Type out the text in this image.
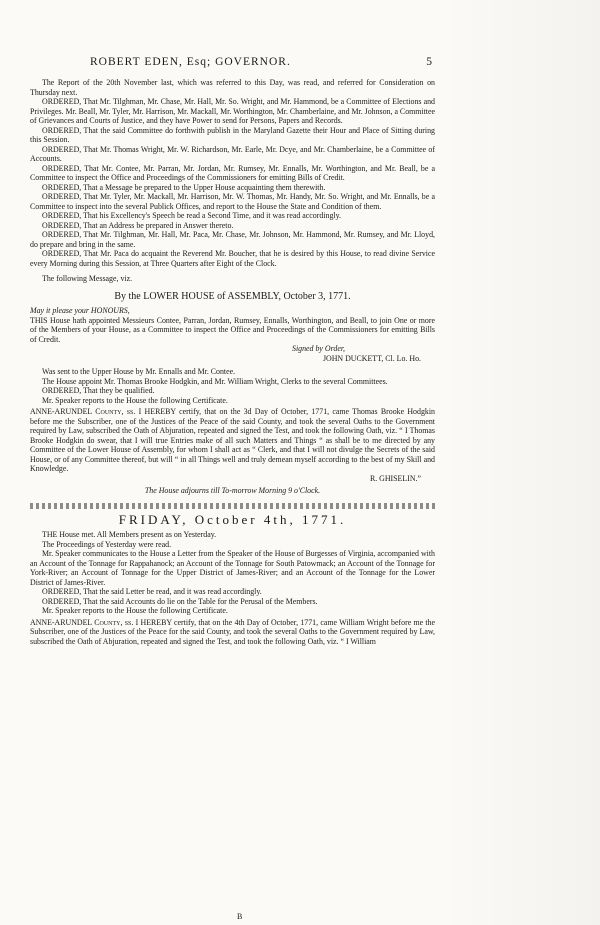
ROBERT EDEN, Esq; GOVERNOR.	5

The Report of the 20th November last, which was referred to this Day, was read, and referred for Consideration on Thursday next.

ORDERED, That Mr. Tilghman, Mr. Chase, Mr. Hall, Mr. So. Wright, and Mr. Hammond, be a Committee of Elections and Privileges. Mr. Beall, Mr. Tyler, Mr. Harrison, Mr. Mackall, Mr. Worthington, Mr. Chamberlaine, and Mr. Johnson, a Committee of Grievances and Courts of Justice, and they have Power to send for Persons, Papers and Records.

ORDERED, That the said Committee do forthwith publish in the Maryland Gazette their Hour and Place of Sitting during this Session.

ORDERED, That Mr. Thomas Wright, Mr. W. Richardson, Mr. Earle, Mr. Dcye, and Mr. Chamberlaine, be a Committee of Accounts.

ORDERED, That Mr. Contee, Mr. Parran, Mr. Jordan, Mr. Rumsey, Mr. Ennalls, Mr. Worthington, and Mr. Beall, be a Committee to inspect the Office and Proceedings of the Commissioners for emitting Bills of Credit.

ORDERED, That a Message be prepared to the Upper House acquainting them therewith.

ORDERED, That Mr. Tyler, Mr. Mackall, Mr. Harrison, Mr. W. Thomas, Mr. Handy, Mr. So. Wright, and Mr. Ennalls, be a Committee to inspect into the several Publick Offices, and report to the House the State and Condition of them.

ORDERED, That his Excellency's Speech be read a Second Time, and it was read accordingly.

ORDERED, That an Address be prepared in Answer thereto.

ORDERED, That Mr. Tilghman, Mr. Hall, Mr. Paca, Mr. Chase, Mr. Johnson, Mr. Hammond, Mr. Rumsey, and Mr. Lloyd, do prepare and bring in the same.

ORDERED, That Mr. Paca do acquaint the Reverend Mr. Boucher, that he is desired by this House, to read divine Service every Morning during this Session, at Three Quarters after Eight of the Clock.

The following Message, viz.

By the LOWER HOUSE of ASSEMBLY, October 3, 1771.

May it please your HONOURS,

THIS House hath appointed Messieurs Contee, Parran, Jordan, Rumsey, Ennalls, Worthington, and Beall, to join One or more of the Members of your House, as a Committee to inspect the Office and Proceedings of the Commissioners for emitting Bills of Credit.

Signed by Order,

JOHN DUCKETT, Cl. Lo. Ho.

Was sent to the Upper House by Mr. Ennalls and Mr. Contee.

The House appoint Mr. Thomas Brooke Hodgkin, and Mr. William Wright, Clerks to the several Committees.

ORDERED, That they be qualified.

Mr. Speaker reports to the House the following Certificate.

ANNE-ARUNDEL County, ss. I HEREBY certify, that on the 3d Day of October, 1771, came Thomas Brooke Hodgkin before me the Subscriber, one of the Justices of the Peace of the said County, and took the several Oaths to the Government required by Law, subscribed the Oath of Abjuration, repeated and signed the Test, and took the following Oath, viz. “ I Thomas Brooke Hodgkin do swear, that I will true Entries make of all such Matters and Things “ as shall be to me directed by any Committee of the Lower House of Assembly, for whom I shall act as “ Clerk, and that I will not divulge the Secrets of the said House, or of any Committee thereof, but will “ in all Things well and truly demean myself according to the best of my Skill and Knowledge.

R. GHISELIN.”

The House adjourns till To-morrow Morning 9 o'Clock.

FRIDAY, October 4th, 1771.

THE House met. All Members present as on Yesterday.

The Proceedings of Yesterday were read.

Mr. Speaker communicates to the House a Letter from the Speaker of the House of Burgesses of Virginia, accompanied with an Account of the Tonnage for Rappahanock; an Account of the Tonnage for South Patowmack; an Account of the Tonnage for York-River; an Account of Tonnage for the Upper District of James-River; and an Account of the Tonnage for the Lower District of James-River.

ORDERED, That the said Letter be read, and it was read accordingly.

ORDERED, That the said Accounts do lie on the Table for the Perusal of the Members.

Mr. Speaker reports to the House the following Certificate.

ANNE-ARUNDEL County, ss. I HEREBY certify, that on the 4th Day of October, 1771, came William Wright before me the Subscriber, one of the Justices of the Peace for the said County, and took the several Oaths to the Government required by Law, subscribed the Oath of Abjuration, repeated and signed the Test, and took the following Oath, viz. “ I William

B
